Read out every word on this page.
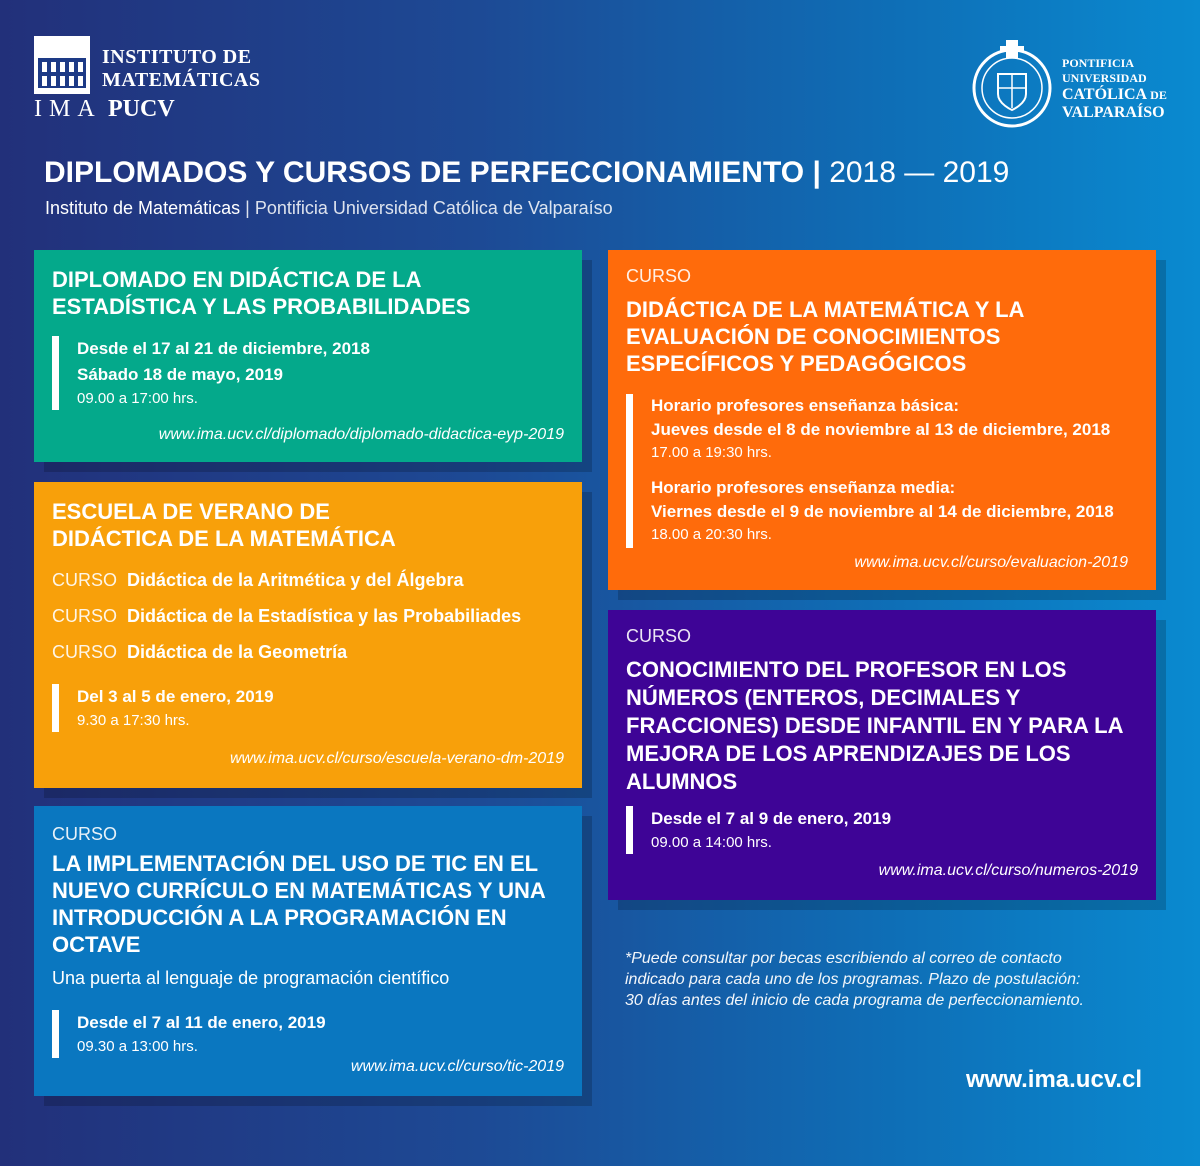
INSTITUTO DE
MATEMÁTICAS
IMA PUCV
PONTIFICIA
UNIVERSIDAD
CATÓLICA DE
VALPARAÍSO
DIPLOMADOS Y CURSOS DE PERFECCIONAMIENTO | 2018 — 2019
Instituto de Matemáticas | Pontificia Universidad Católica de Valparaíso
DIPLOMADO EN DIDÁCTICA DE LA
ESTADÍSTICA Y LAS PROBABILIDADES
Desde el 17 al 21 de diciembre, 2018
Sábado 18 de mayo, 2019
09.00 a 17:00 hrs.
www.ima.ucv.cl/diplomado/diplomado-didactica-eyp-2019
ESCUELA DE VERANO DE
DIDÁCTICA DE LA MATEMÁTICA
CURSO Didáctica de la Aritmética y del Álgebra
CURSO Didáctica de la Estadística y las Probabiliades
CURSO Didáctica de la Geometría
Del 3 al 5 de enero, 2019
9.30 a 17:30 hrs.
www.ima.ucv.cl/curso/escuela-verano-dm-2019
CURSO
LA IMPLEMENTACIÓN DEL USO DE TIC EN EL
NUEVO CURRÍCULO EN MATEMÁTICAS Y UNA
INTRODUCCIÓN A LA PROGRAMACIÓN EN
OCTAVE
Una puerta al lenguaje de programación científico
Desde el 7 al 11 de enero, 2019
09.30 a 13:00 hrs.
www.ima.ucv.cl/curso/tic-2019
CURSO
DIDÁCTICA DE LA MATEMÁTICA Y LA
EVALUACIÓN DE CONOCIMIENTOS
ESPECÍFICOS Y PEDAGÓGICOS
Horario profesores enseñanza básica:
Jueves desde el 8 de noviembre al 13 de diciembre, 2018
17.00 a 19:30 hrs.
Horario profesores enseñanza media:
Viernes desde el 9 de noviembre al 14 de diciembre, 2018
18.00 a 20:30 hrs.
www.ima.ucv.cl/curso/evaluacion-2019
CURSO
CONOCIMIENTO DEL PROFESOR EN LOS
NÚMEROS (ENTEROS, DECIMALES Y
FRACCIONES) DESDE INFANTIL EN Y PARA LA
MEJORA DE LOS APRENDIZAJES DE LOS
ALUMNOS
Desde el 7 al 9 de enero, 2019
09.00 a 14:00 hrs.
www.ima.ucv.cl/curso/numeros-2019
*Puede consultar por becas escribiendo al correo de contacto
indicado para cada uno de los programas. Plazo de postulación:
30 días antes del inicio de cada programa de perfeccionamiento.
www.ima.ucv.cl
